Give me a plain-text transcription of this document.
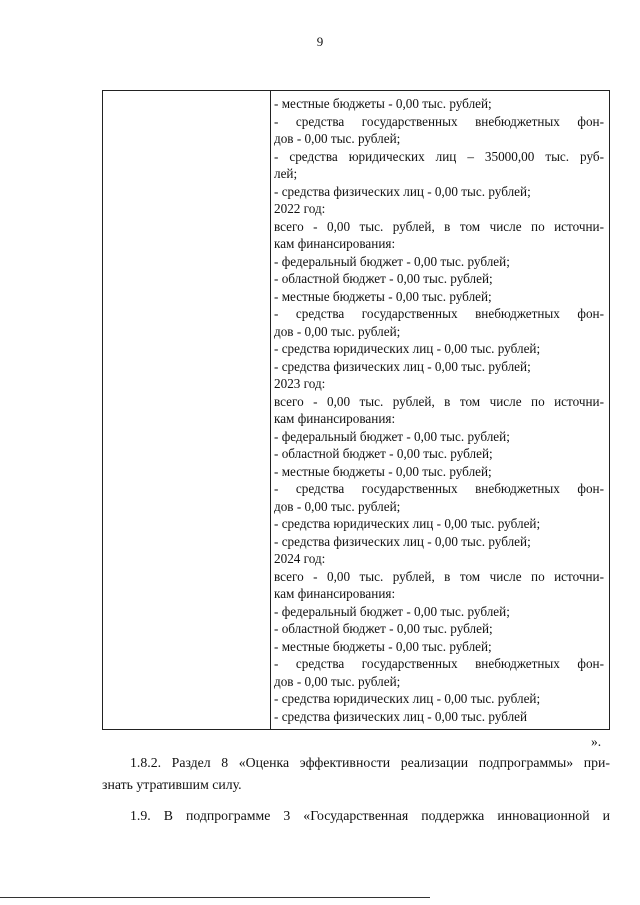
9
- местные бюджеты - 0,00 тыс. рублей;
- средства государственных внебюджетных фон-
дов - 0,00 тыс. рублей;
- средства юридических лиц – 35000,00 тыс. руб-
лей;
- средства физических лиц - 0,00 тыс. рублей;
2022 год:
всего - 0,00 тыс. рублей, в том числе по источни-
кам финансирования:
- федеральный бюджет - 0,00 тыс. рублей;
- областной бюджет - 0,00 тыс. рублей;
- местные бюджеты - 0,00 тыс. рублей;
- средства государственных внебюджетных фон-
дов - 0,00 тыс. рублей;
- средства юридических лиц - 0,00 тыс. рублей;
- средства физических лиц - 0,00 тыс. рублей;
2023 год:
всего - 0,00 тыс. рублей, в том числе по источни-
кам финансирования:
- федеральный бюджет - 0,00 тыс. рублей;
- областной бюджет - 0,00 тыс. рублей;
- местные бюджеты - 0,00 тыс. рублей;
- средства государственных внебюджетных фон-
дов - 0,00 тыс. рублей;
- средства юридических лиц - 0,00 тыс. рублей;
- средства физических лиц - 0,00 тыс. рублей;
2024 год:
всего - 0,00 тыс. рублей, в том числе по источни-
кам финансирования:
- федеральный бюджет - 0,00 тыс. рублей;
- областной бюджет - 0,00 тыс. рублей;
- местные бюджеты - 0,00 тыс. рублей;
- средства государственных внебюджетных фон-
дов - 0,00 тыс. рублей;
- средства юридических лиц - 0,00 тыс. рублей;
- средства физических лиц - 0,00 тыс. рублей
».
1.8.2. Раздел 8 «Оценка эффективности реализации подпрограммы» при-
знать утратившим силу.
1.9. В подпрограмме 3 «Государственная поддержка инновационной и
